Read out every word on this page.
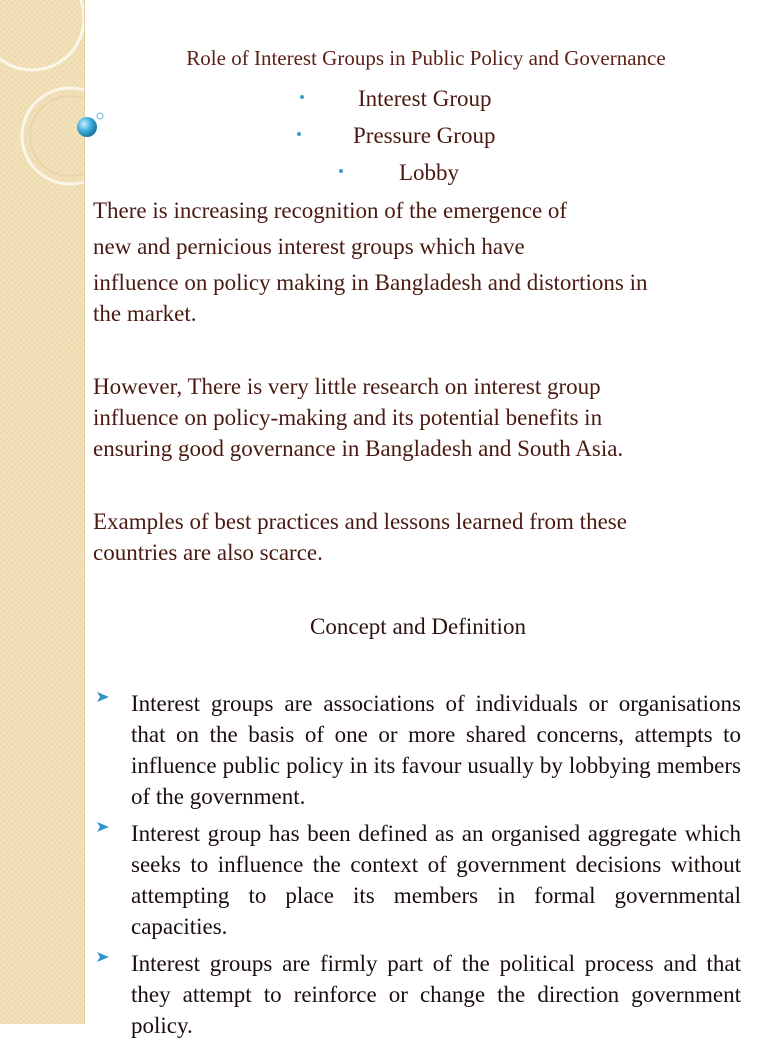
Role of Interest Groups in Public Policy and Governance
Interest Group
Pressure Group
Lobby
There is increasing recognition of the emergence of
new and pernicious interest groups which have
influence on policy making in Bangladesh and distortions in
the market.
However, There is very little research on interest group
influence on policy-making and its potential benefits in
ensuring good governance in Bangladesh and South Asia.
Examples of best practices and lessons learned from these
countries are also scarce.
Concept and Definition
Interest groups are associations of individuals or organisations that on the basis of one or more shared concerns, attempts to influence public policy in its favour usually by lobbying members of the government.
Interest group has been defined as an organised aggregate which seeks to influence the context of government decisions without attempting to place its members in formal governmental capacities.
Interest groups are firmly part of the political process and that they attempt to reinforce or change the direction government policy.
